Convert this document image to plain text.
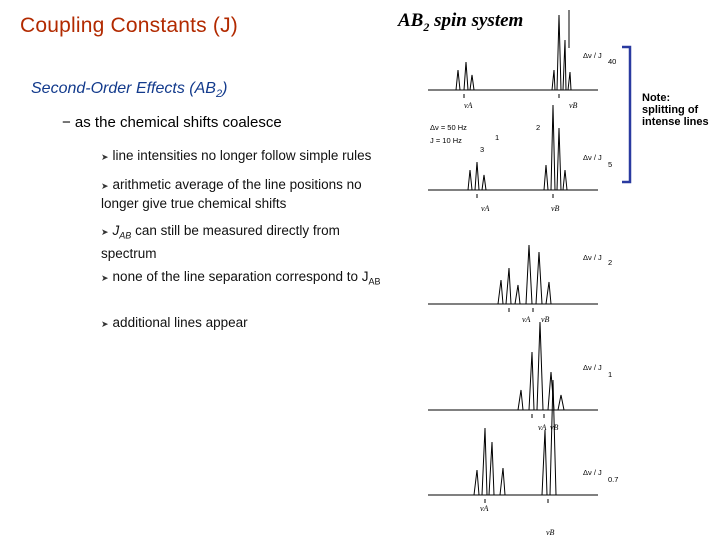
Coupling Constants (J)
Second-Order Effects $(AB_2)$
− as the chemical shifts coalesce
➤ line intensities no longer follow simple rules
➤ arithmetic average of the line positions no longer give true chemical shifts
➤ $J_{AB}$ can still be measured directly from spectrum
➤ none of the line separation correspond to $J_{AB}$
➤ additional lines appear
$AB_2$ spin system
Note:
splitting of
intense lines
νA	νB
νA	νB
νA νB
νA νB
νA
νB
Δν = 50 Hz
J = 10 Hz	1
3
2
Δν / J
40
Δν / J
5
Δν / J
2
Δν / J
1
Δν / J
0.7
